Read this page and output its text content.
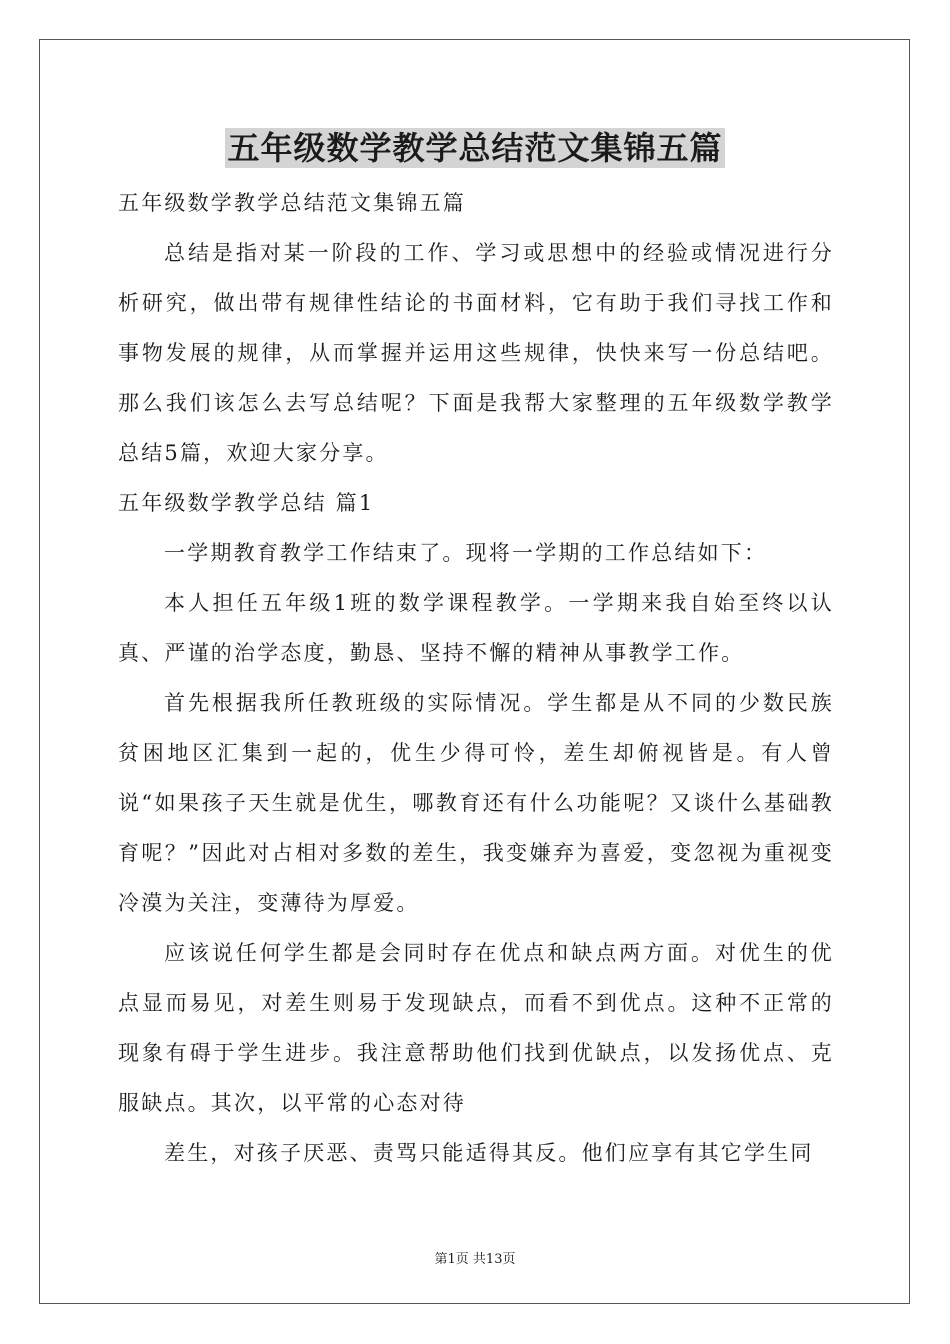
五年级数学教学总结范文集锦五篇

五年级数学教学总结范文集锦五篇

总结是指对某一阶段的工作、学习或思想中的经验或情况进行分析研究，做出带有规律性结论的书面材料，它有助于我们寻找工作和事物发展的规律，从而掌握并运用这些规律，快快来写一份总结吧。那么我们该怎么去写总结呢？下面是我帮大家整理的五年级数学教学总结5篇，欢迎大家分享。

五年级数学教学总结 篇1

一学期教育教学工作结束了。现将一学期的工作总结如下：

本人担任五年级1班的数学课程教学。一学期来我自始至终以认真、严谨的治学态度，勤恳、坚持不懈的精神从事教学工作。

首先根据我所任教班级的实际情况。学生都是从不同的少数民族贫困地区汇集到一起的，优生少得可怜，差生却俯视皆是。有人曾说“如果孩子天生就是优生，哪教育还有什么功能呢？又谈什么基础教育呢？”因此对占相对多数的差生，我变嫌弃为喜爱，变忽视为重视变冷漠为关注，变薄待为厚爱。

应该说任何学生都是会同时存在优点和缺点两方面。对优生的优点显而易见，对差生则易于发现缺点，而看不到优点。这种不正常的现象有碍于学生进步。我注意帮助他们找到优缺点，以发扬优点、克服缺点。其次，以平常的心态对待

差生，对孩子厌恶、责骂只能适得其反。他们应享有其它学生同

第1页 共13页
